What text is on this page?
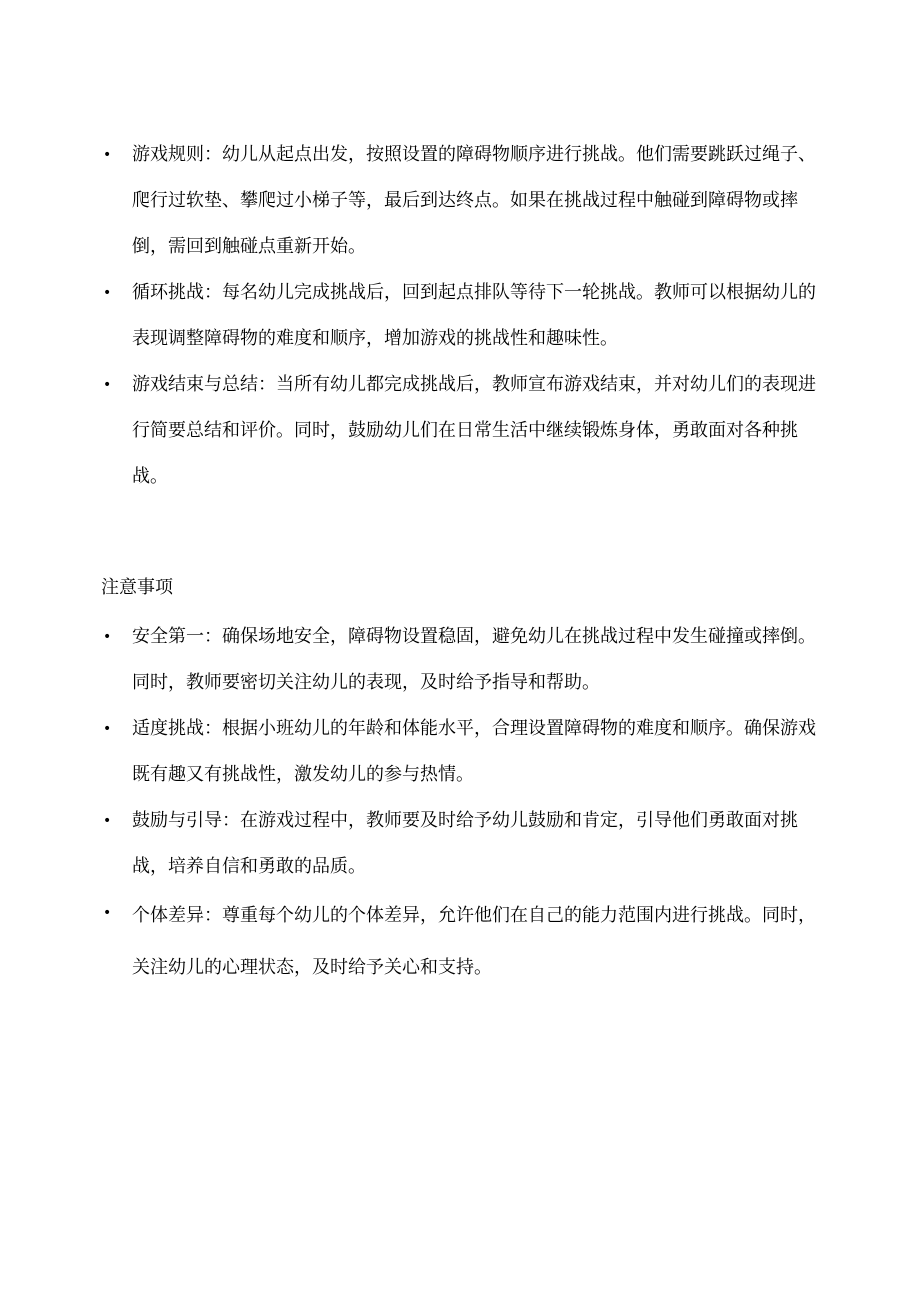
• 游戏规则：幼儿从起点出发，按照设置的障碍物顺序进行挑战。他们需要跳跃过绳子、爬行过软垫、攀爬过小梯子等，最后到达终点。如果在挑战过程中触碰到障碍物或摔倒，需回到触碰点重新开始。
• 循环挑战：每名幼儿完成挑战后，回到起点排队等待下一轮挑战。教师可以根据幼儿的表现调整障碍物的难度和顺序，增加游戏的挑战性和趣味性。
• 游戏结束与总结：当所有幼儿都完成挑战后，教师宣布游戏结束，并对幼儿们的表现进行简要总结和评价。同时，鼓励幼儿们在日常生活中继续锻炼身体，勇敢面对各种挑战。
注意事项
• 安全第一：确保场地安全，障碍物设置稳固，避免幼儿在挑战过程中发生碰撞或摔倒。同时，教师要密切关注幼儿的表现，及时给予指导和帮助。
• 适度挑战：根据小班幼儿的年龄和体能水平，合理设置障碍物的难度和顺序。确保游戏既有趣又有挑战性，激发幼儿的参与热情。
• 鼓励与引导：在游戏过程中，教师要及时给予幼儿鼓励和肯定，引导他们勇敢面对挑战，培养自信和勇敢的品质。
• 个体差异：尊重每个幼儿的个体差异，允许他们在自己的能力范围内进行挑战。同时，关注幼儿的心理状态，及时给予关心和支持。
